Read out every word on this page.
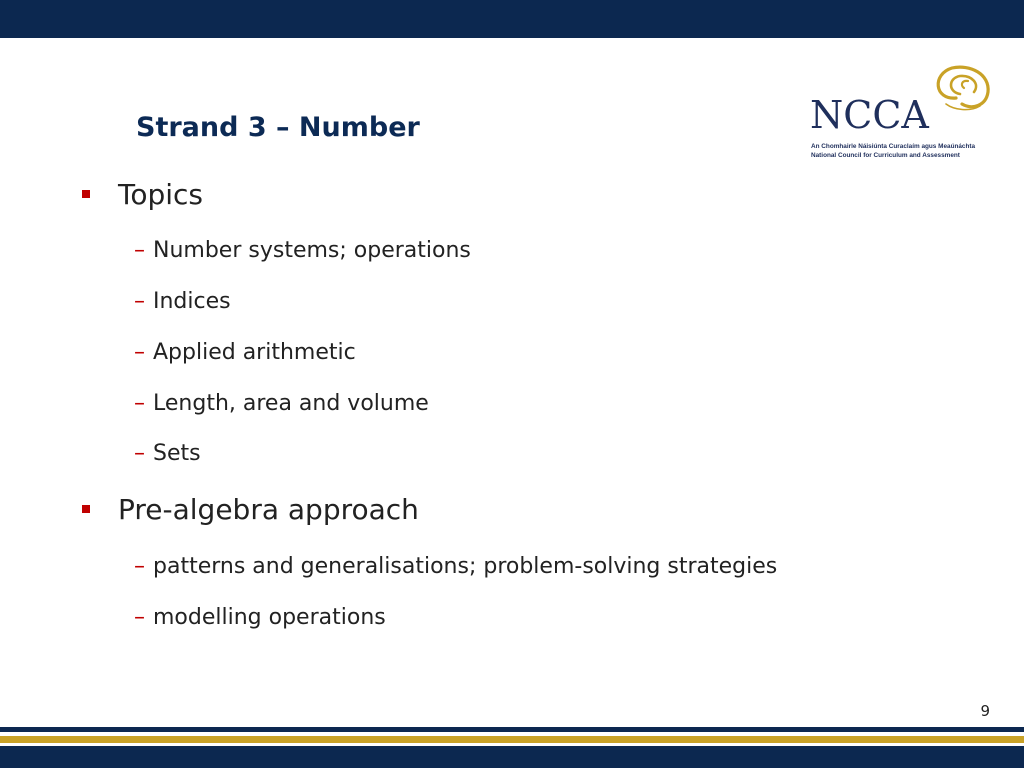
Strand 3 – Number	NCCA
An Chomhairle Náisiúnta Curaclaím agus Meaúnáchta
National Council for Curriculum and Assessment
Topics
– Number systems; operations
– Indices
– Applied arithmetic
– Length, area and volume
– Sets
Pre-algebra approach
– patterns and generalisations; problem-solving strategies
– modelling operations
9
